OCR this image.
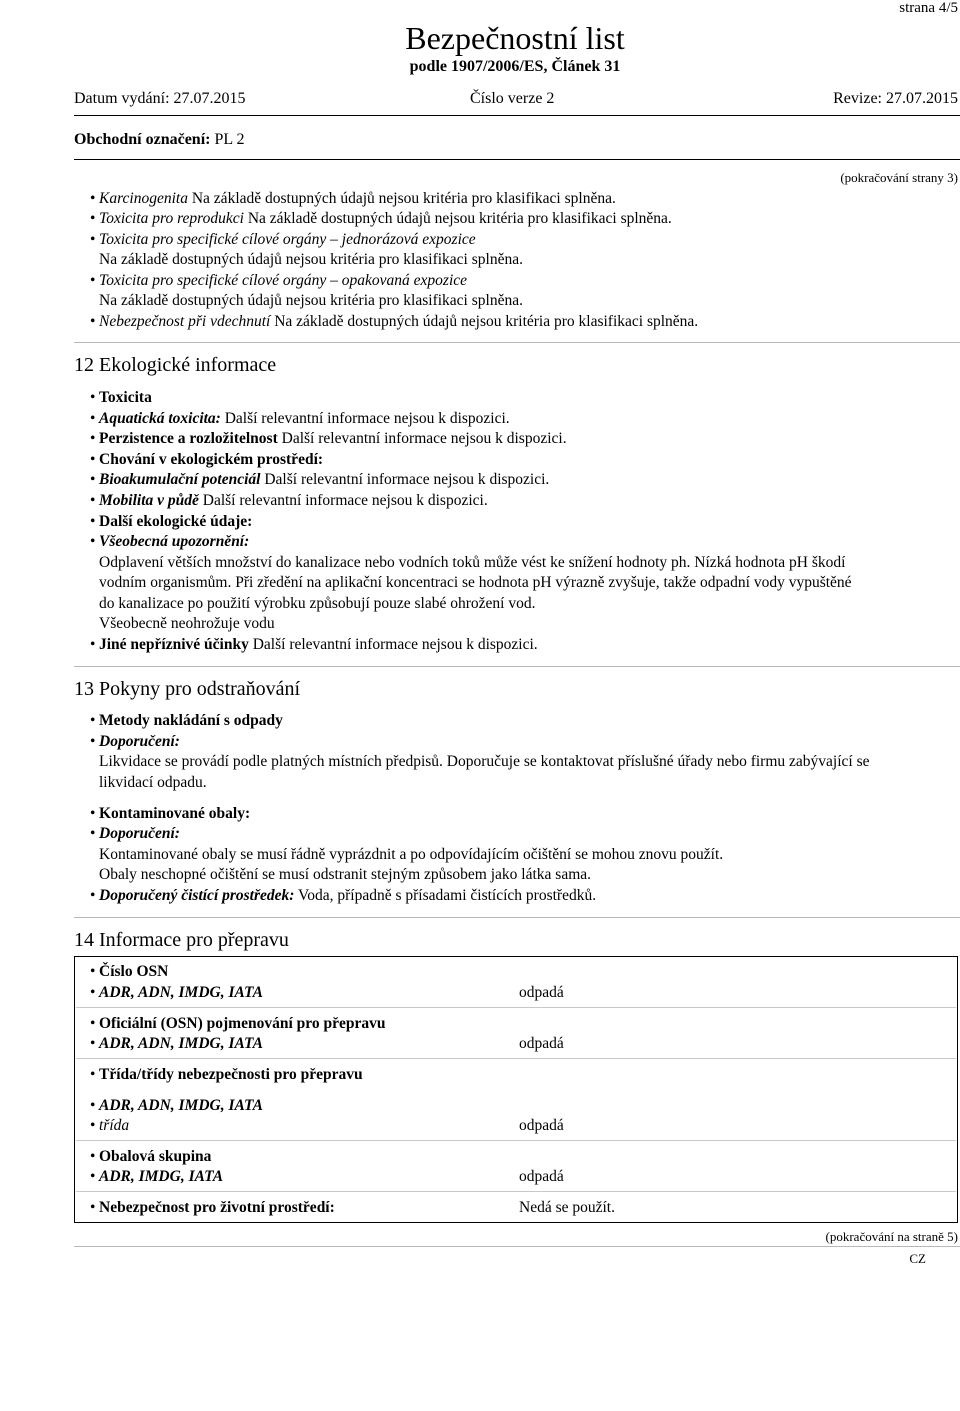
strana 4/5
Bezpečnostní list
podle 1907/2006/ES, Článek 31
Datum vydání: 27.07.2015	Číslo verze 2	Revize: 27.07.2015
Obchodní označení: PL 2
(pokračování strany 3)
• Karcinogenita Na základě dostupných údajů nejsou kritéria pro klasifikaci splněna.
• Toxicita pro reprodukci Na základě dostupných údajů nejsou kritéria pro klasifikaci splněna.
• Toxicita pro specifické cílové orgány – jednorázová expozice
Na základě dostupných údajů nejsou kritéria pro klasifikaci splněna.
• Toxicita pro specifické cílové orgány – opakovaná expozice
Na základě dostupných údajů nejsou kritéria pro klasifikaci splněna.
• Nebezpečnost při vdechnutí Na základě dostupných údajů nejsou kritéria pro klasifikaci splněna.
12 Ekologické informace
• Toxicita
• Aquatická toxicita: Další relevantní informace nejsou k dispozici.
• Perzistence a rozložitelnost Další relevantní informace nejsou k dispozici.
• Chování v ekologickém prostředí:
• Bioakumulační potenciál Další relevantní informace nejsou k dispozici.
• Mobilita v půdě Další relevantní informace nejsou k dispozici.
• Další ekologické údaje:
• Všeobecná upozornění:
Odplavení větších množství do kanalizace nebo vodních toků může vést ke snížení hodnoty ph. Nízká hodnota pH škodí
vodním organismům. Při zředění na aplikační koncentraci se hodnota pH výrazně zvyšuje, takže odpadní vody vypuštěné
do kanalizace po použití výrobku způsobují pouze slabé ohrožení vod.
Všeobecně neohrožuje vodu
• Jiné nepříznivé účinky Další relevantní informace nejsou k dispozici.
13 Pokyny pro odstraňování
• Metody nakládání s odpady
• Doporučení:
Likvidace se provádí podle platných místních předpisů. Doporučuje se kontaktovat příslušné úřady nebo firmu zabývající se
likvidací odpadu.
• Kontaminované obaly:
• Doporučení:
Kontaminované obaly se musí řádně vyprázdnit a po odpovídajícím očištění se mohou znovu použít.
Obaly neschopné očištění se musí odstranit stejným způsobem jako látka sama.
• Doporučený čistící prostředek: Voda, případně s přísadami čistících prostředků.
14 Informace pro přepravu
• Číslo OSN
• ADR, ADN, IMDG, IATA	odpadá
• Oficiální (OSN) pojmenování pro přepravu
• ADR, ADN, IMDG, IATA	odpadá
• Třída/třídy nebezpečnosti pro přepravu
• ADR, ADN, IMDG, IATA
• třída	odpadá
• Obalová skupina
• ADR, IMDG, IATA	odpadá
• Nebezpečnost pro životní prostředí:	Nedá se použít.
(pokračování na straně 5)
CZ
